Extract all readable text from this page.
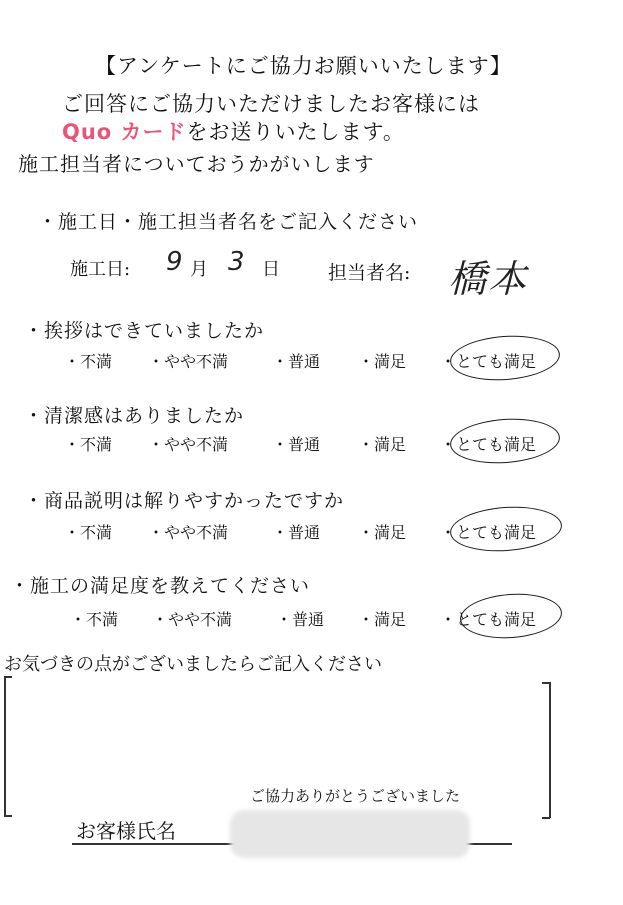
【アンケートにご協力お願いいたします】
ご回答にご協力いただけましたお客様には
Quo カードをお送りいたします。
施工担当者についておうかがいします
・施工日・施工担当者名をご記入ください
施工日: 9 月 3 日	担当者名: 橋本
・挨拶はできていましたか
・不満 ・やや不満	・普通 ・満足 ・とても満足
・清潔感はありましたか
・不満 ・やや不満	・普通 ・満足 ・とても満足
・商品説明は解りやすかったですか
・不満 ・やや不満	・普通 ・満足 ・とても満足
・施工の満足度を教えてください
・不満 ・やや不満	・普通 ・満足 ・とても満足
お気づきの点がございましたらご記入ください
ご協力ありがとうございました
お客様氏名
